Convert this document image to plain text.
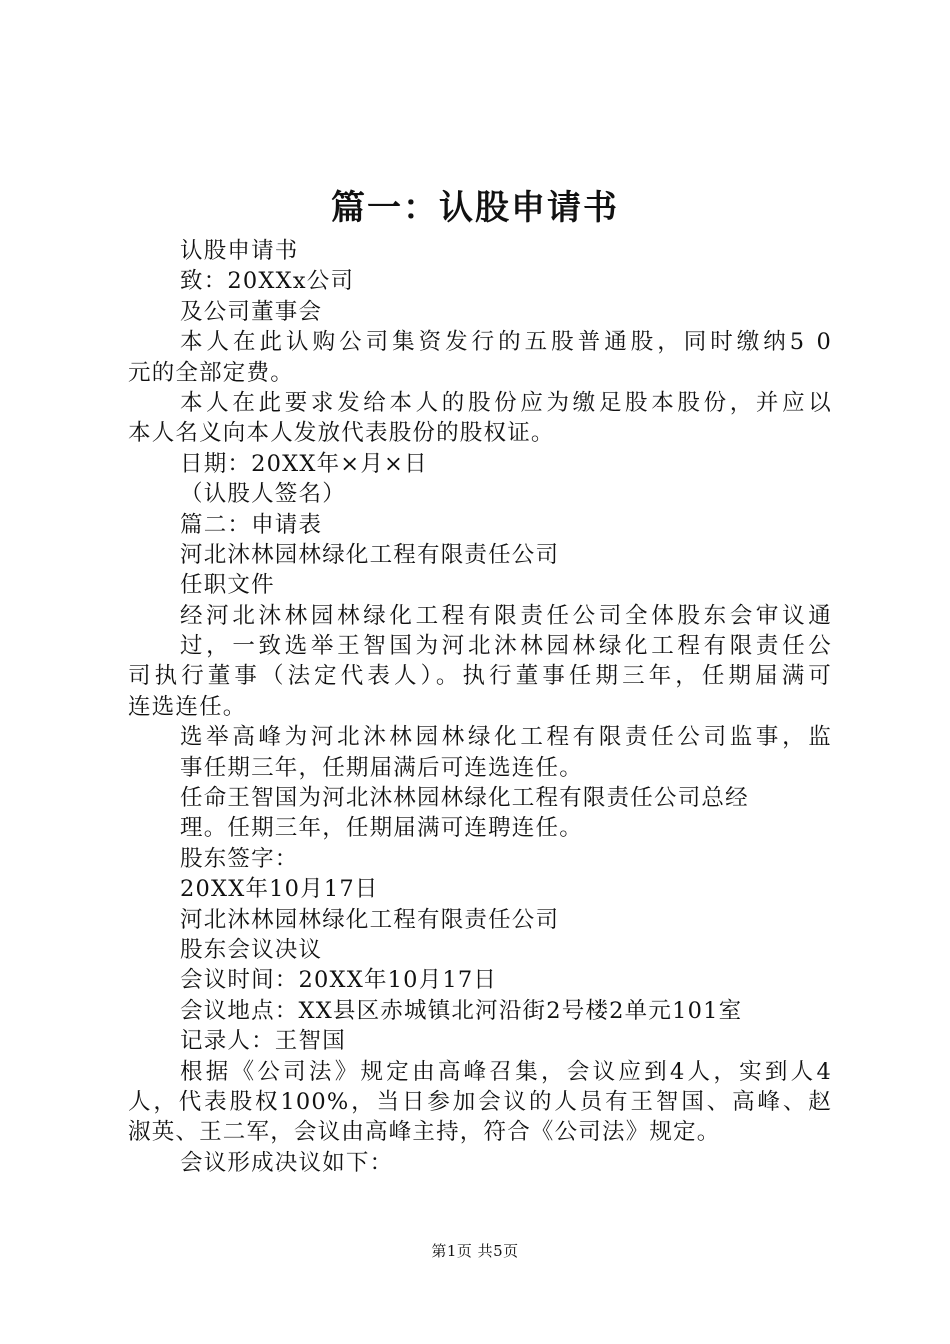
篇一：认股申请书
认股申请书
致：20XXx公司
及公司董事会
本人在此认购公司集资发行的五股普通股，同时缴纳5 0
元的全部定费。
本人在此要求发给本人的股份应为缴足股本股份，并应以
本人名义向本人发放代表股份的股权证。
日期：20XX年×月×日
（认股人签名）
篇二：申请表
河北沐林园林绿化工程有限责任公司
任职文件
经河北沐林园林绿化工程有限责任公司全体股东会审议通
过，一致选举王智国为河北沐林园林绿化工程有限责任公
司执行董事（法定代表人）。执行董事任期三年，任期届满可
连选连任。
选举高峰为河北沐林园林绿化工程有限责任公司监事，监
事任期三年，任期届满后可连选连任。
任命王智国为河北沐林园林绿化工程有限责任公司总经
理。任期三年，任期届满可连聘连任。
股东签字：
20XX年10月17日
河北沐林园林绿化工程有限责任公司
股东会议决议
会议时间：20XX年10月17日
会议地点：XX县区赤城镇北河沿街2号楼2单元101室
记录人：王智国
根据《公司法》规定由高峰召集，会议应到4人，实到人4
人，代表股权100%，当日参加会议的人员有王智国、高峰、赵
淑英、王二军，会议由高峰主持，符合《公司法》规定。
会议形成决议如下：
第1页 共5页
